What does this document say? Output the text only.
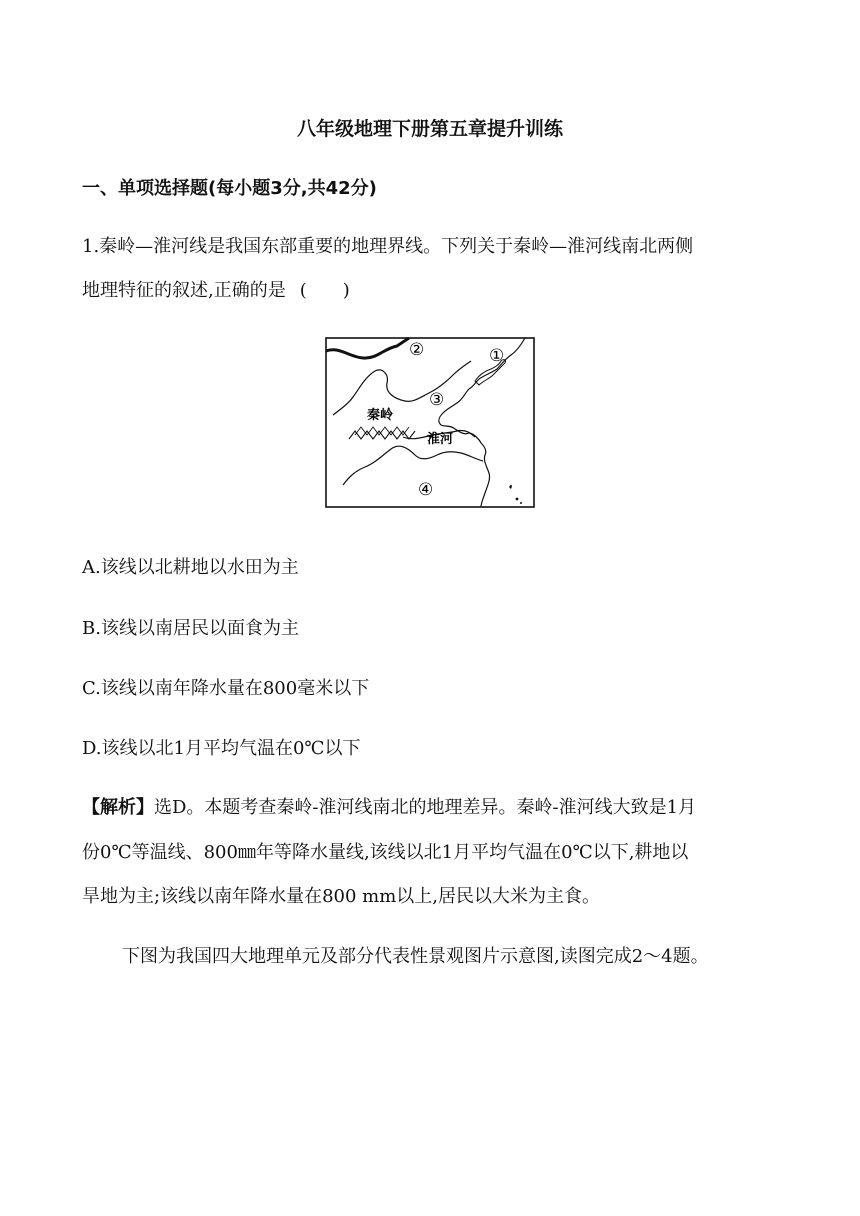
八年级地理下册第五章提升训练
一、单项选择题(每小题3分,共42分)
1.秦岭—淮河线是我国东部重要的地理界线。下列关于秦岭—淮河线南北两侧
地理特征的叙述,正确的是 (　　)
秦岭
淮河
①
②
③
④
A.该线以北耕地以水田为主
B.该线以南居民以面食为主
C.该线以南年降水量在800毫米以下
D.该线以北1月平均气温在0℃以下
【解析】选D。本题考查秦岭-淮河线南北的地理差异。秦岭-淮河线大致是1月
份0℃等温线、800㎜年等降水量线,该线以北1月平均气温在0℃以下,耕地以
旱地为主;该线以南年降水量在800 mm以上,居民以大米为主食。
下图为我国四大地理单元及部分代表性景观图片示意图,读图完成2～4题。
